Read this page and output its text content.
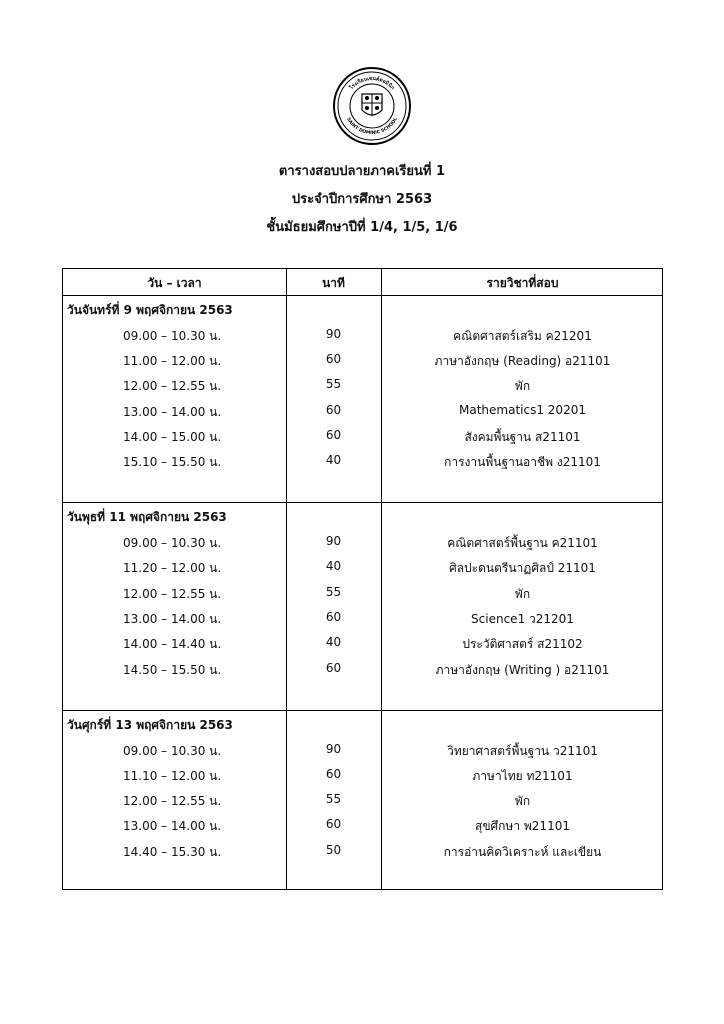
โรงเรียนเซนต์ดอมินิก
SAINT DOMINIC SCHOOL
ตารางสอบปลายภาคเรียนที่ 1
ประจำปีการศึกษา 2563
ชั้นมัธยมศึกษาปีที่ 1/4, 1/5, 1/6
วัน – เวลา	นาที	รายวิชาที่สอบ
วันจันทร์ที่ 9 พฤศจิกายน 2563
09.00 – 10.30 น.	90	คณิตศาสตร์เสริม ค21201
11.00 – 12.00 น.	60	ภาษาอังกฤษ (Reading) อ21101
12.00 – 12.55 น.	55	พัก
13.00 – 14.00 น.	60	Mathematics1 20201
14.00 – 15.00 น.	60	สังคมพื้นฐาน ส21101
15.10 – 15.50 น.	40	การงานพื้นฐานอาชีพ ง21101
วันพุธที่ 11 พฤศจิกายน 2563
09.00 – 10.30 น.	90	คณิตศาสตร์พื้นฐาน ค21101
11.20 – 12.00 น.	40	ศิลปะดนตรีนาฏศิลป์ 21101
12.00 – 12.55 น.	55	พัก
13.00 – 14.00 น.	60	Science1 ว21201
14.00 – 14.40 น.	40	ประวัติศาสตร์ ส21102
14.50 – 15.50 น.	60	ภาษาอังกฤษ (Writing ) อ21101
วันศุกร์ที่ 13 พฤศจิกายน 2563
09.00 – 10.30 น.	90	วิทยาศาสตร์พื้นฐาน ว21101
11.10 – 12.00 น.	60	ภาษาไทย ท21101
12.00 – 12.55 น.	55	พัก
13.00 – 14.00 น.	60	สุขศึกษา พ21101
14.40 – 15.30 น.	50	การอ่านคิดวิเคราะห์ และเขียน
